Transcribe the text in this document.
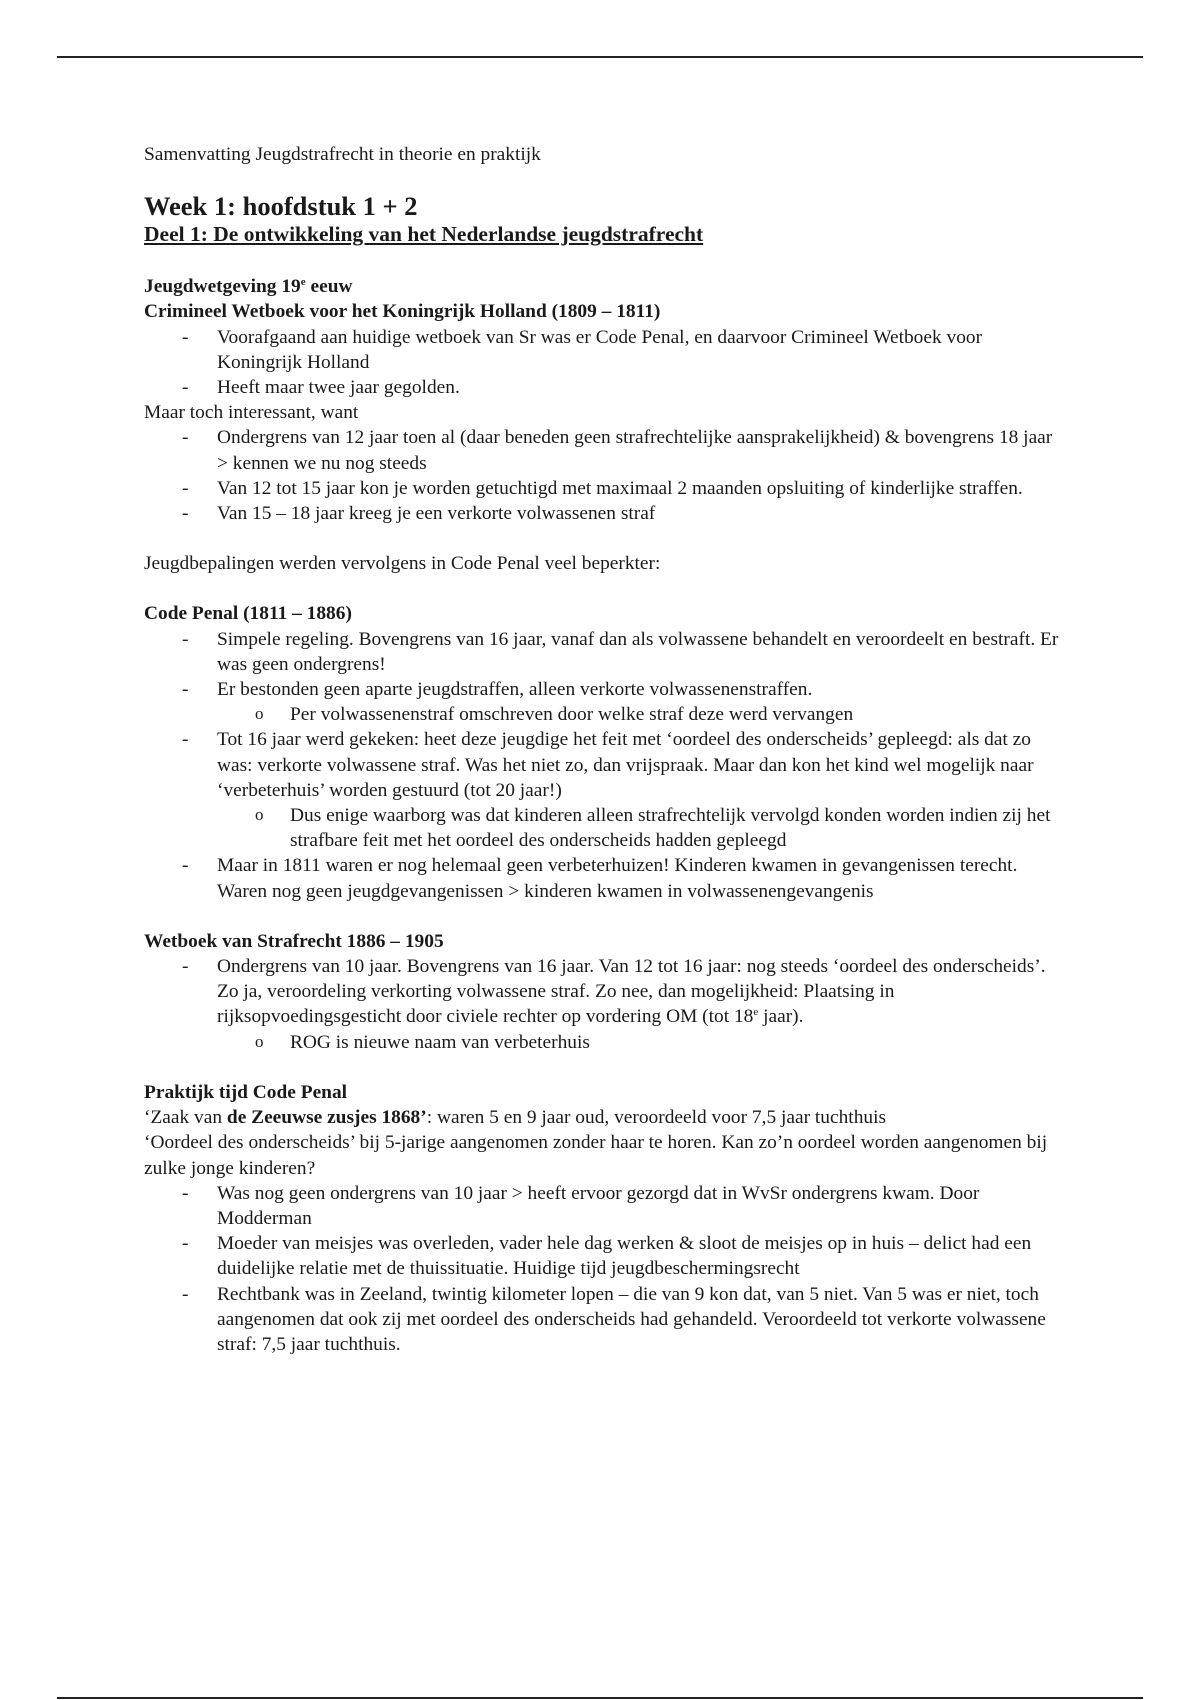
Samenvatting Jeugdstrafrecht in theorie en praktijk

Week 1: hoofdstuk 1 + 2

Deel 1: De ontwikkeling van het Nederlandse jeugdstrafrecht

Jeugdwetgeving 19e eeuw

Crimineel Wetboek voor het Koningrijk Holland (1809 – 1811)

- Voorafgaand aan huidige wetboek van Sr was er Code Penal, en daarvoor Crimineel Wetboek voor Koningrijk Holland
- Heeft maar twee jaar gegolden.

Maar toch interessant, want

- Ondergrens van 12 jaar toen al (daar beneden geen strafrechtelijke aansprakelijkheid) & bovengrens 18 jaar > kennen we nu nog steeds
- Van 12 tot 15 jaar kon je worden getuchtigd met maximaal 2 maanden opsluiting of kinderlijke straffen.
- Van 15 – 18 jaar kreeg je een verkorte volwassenen straf

Jeugdbepalingen werden vervolgens in Code Penal veel beperkter:

Code Penal (1811 – 1886)

- Simpele regeling. Bovengrens van 16 jaar, vanaf dan als volwassene behandelt en veroordeelt en bestraft. Er was geen ondergrens!
- Er bestonden geen aparte jeugdstraffen, alleen verkorte volwassenenstraffen.
o Per volwassenenstraf omschreven door welke straf deze werd vervangen
- Tot 16 jaar werd gekeken: heet deze jeugdige het feit met ‘oordeel des onderscheids’ gepleegd: als dat zo was: verkorte volwassene straf. Was het niet zo, dan vrijspraak. Maar dan kon het kind wel mogelijk naar ‘verbeterhuis’ worden gestuurd (tot 20 jaar!)
o Dus enige waarborg was dat kinderen alleen strafrechtelijk vervolgd konden worden indien zij het strafbare feit met het oordeel des onderscheids hadden gepleegd
- Maar in 1811 waren er nog helemaal geen verbeterhuizen! Kinderen kwamen in gevangenissen terecht. Waren nog geen jeugdgevangenissen > kinderen kwamen in volwassenengevangenis

Wetboek van Strafrecht 1886 – 1905

- Ondergrens van 10 jaar. Bovengrens van 16 jaar. Van 12 tot 16 jaar: nog steeds ‘oordeel des onderscheids’. Zo ja, veroordeling verkorting volwassene straf. Zo nee, dan mogelijkheid: Plaatsing in rijksopvoedingsgesticht door civiele rechter op vordering OM (tot 18e jaar).
o ROG is nieuwe naam van verbeterhuis

Praktijk tijd Code Penal

‘Zaak van de Zeeuwse zusjes 1868’: waren 5 en 9 jaar oud, veroordeeld voor 7,5 jaar tuchthuis

‘Oordeel des onderscheids’ bij 5-jarige aangenomen zonder haar te horen. Kan zo’n oordeel worden aangenomen bij zulke jonge kinderen?

- Was nog geen ondergrens van 10 jaar > heeft ervoor gezorgd dat in WvSr ondergrens kwam. Door Modderman
- Moeder van meisjes was overleden, vader hele dag werken & sloot de meisjes op in huis – delict had een duidelijke relatie met de thuissituatie. Huidige tijd jeugdbeschermingsrecht
- Rechtbank was in Zeeland, twintig kilometer lopen – die van 9 kon dat, van 5 niet. Van 5 was er niet, toch aangenomen dat ook zij met oordeel des onderscheids had gehandeld. Veroordeeld tot verkorte volwassene straf: 7,5 jaar tuchthuis.
